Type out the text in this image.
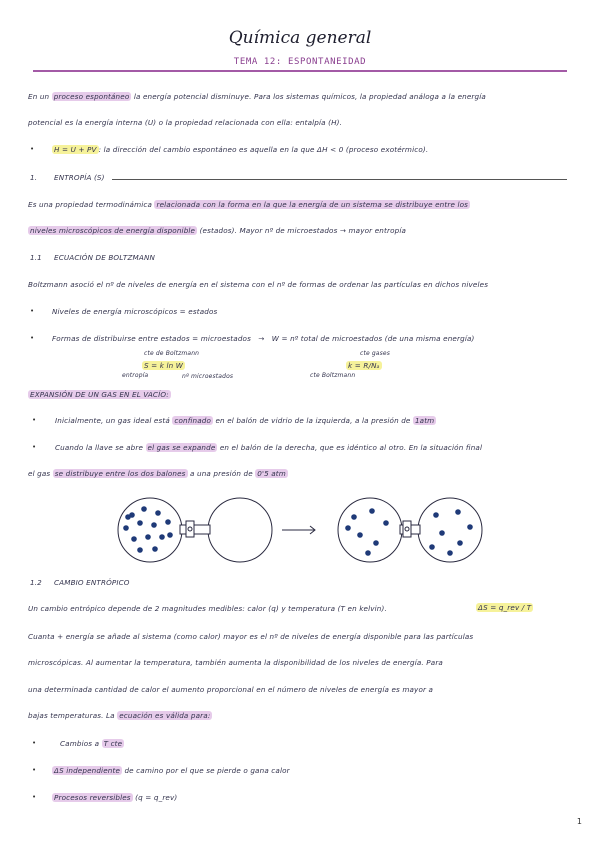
Química general
TEMA 12: ESPONTANEIDAD
En un proceso espontáneo la energía potencial disminuye. Para los sistemas químicos, la propiedad análoga a la energía
potencial es la energía interna (U) o la propiedad relacionada con ella: entalpía (H).
•	H = U + PV : la dirección del cambio espontáneo es aquella en la que ΔH < 0 (proceso exotérmico).
1. ENTROPÍA (S)
Es una propiedad termodinámica relacionada con la forma en la que la energía de un sistema se distribuye entre los
niveles microscópicos de energía disponible (estados). Mayor nº de microestados → mayor entropía
1.1 ECUACIÓN DE BOLTZMANN
Boltzmann asoció el nº de niveles de energía en el sistema con el nº de formas de ordenar las partículas en dichos niveles
• Niveles de energía microscópicos = estados
• Formas de distribuirse entre estados = microestados → W = nº total de microestados (de una misma energía)
cte de Boltzmann
S = k ln W
entropía	nº microestados
cte gases
k = R/Nₐ
cte Boltzmann
EXPANSIÓN DE UN GAS EN EL VACÍO:
•	Inicialmente, un gas ideal está confinado en el balón de vidrio de la izquierda, a la presión de 1atm
•	Cuando la llave se abre el gas se expande en el balón de la derecha, que es idéntico al otro. En la situación final
el gas se distribuye entre los dos balones a una presión de 0'5 atm
1.2 CAMBIO ENTRÓPICO
Un cambio entrópico depende de 2 magnitudes medibles: calor (q) y temperatura (T en kelvin).	ΔS = q_rev / T
Cuanta + energía se añade al sistema (como calor) mayor es el nº de niveles de energía disponible para las partículas
microscópicas. Al aumentar la temperatura, también aumenta la disponibilidad de los niveles de energía. Para
una determinada cantidad de calor el aumento proporcional en el número de niveles de energía es mayor a
bajas temperaturas. La ecuación es válida para:
•	Cambios a T cte
• ΔS independiente de camino por el que se pierde o gana calor
• Procesos reversibles (q = q_rev)
1
